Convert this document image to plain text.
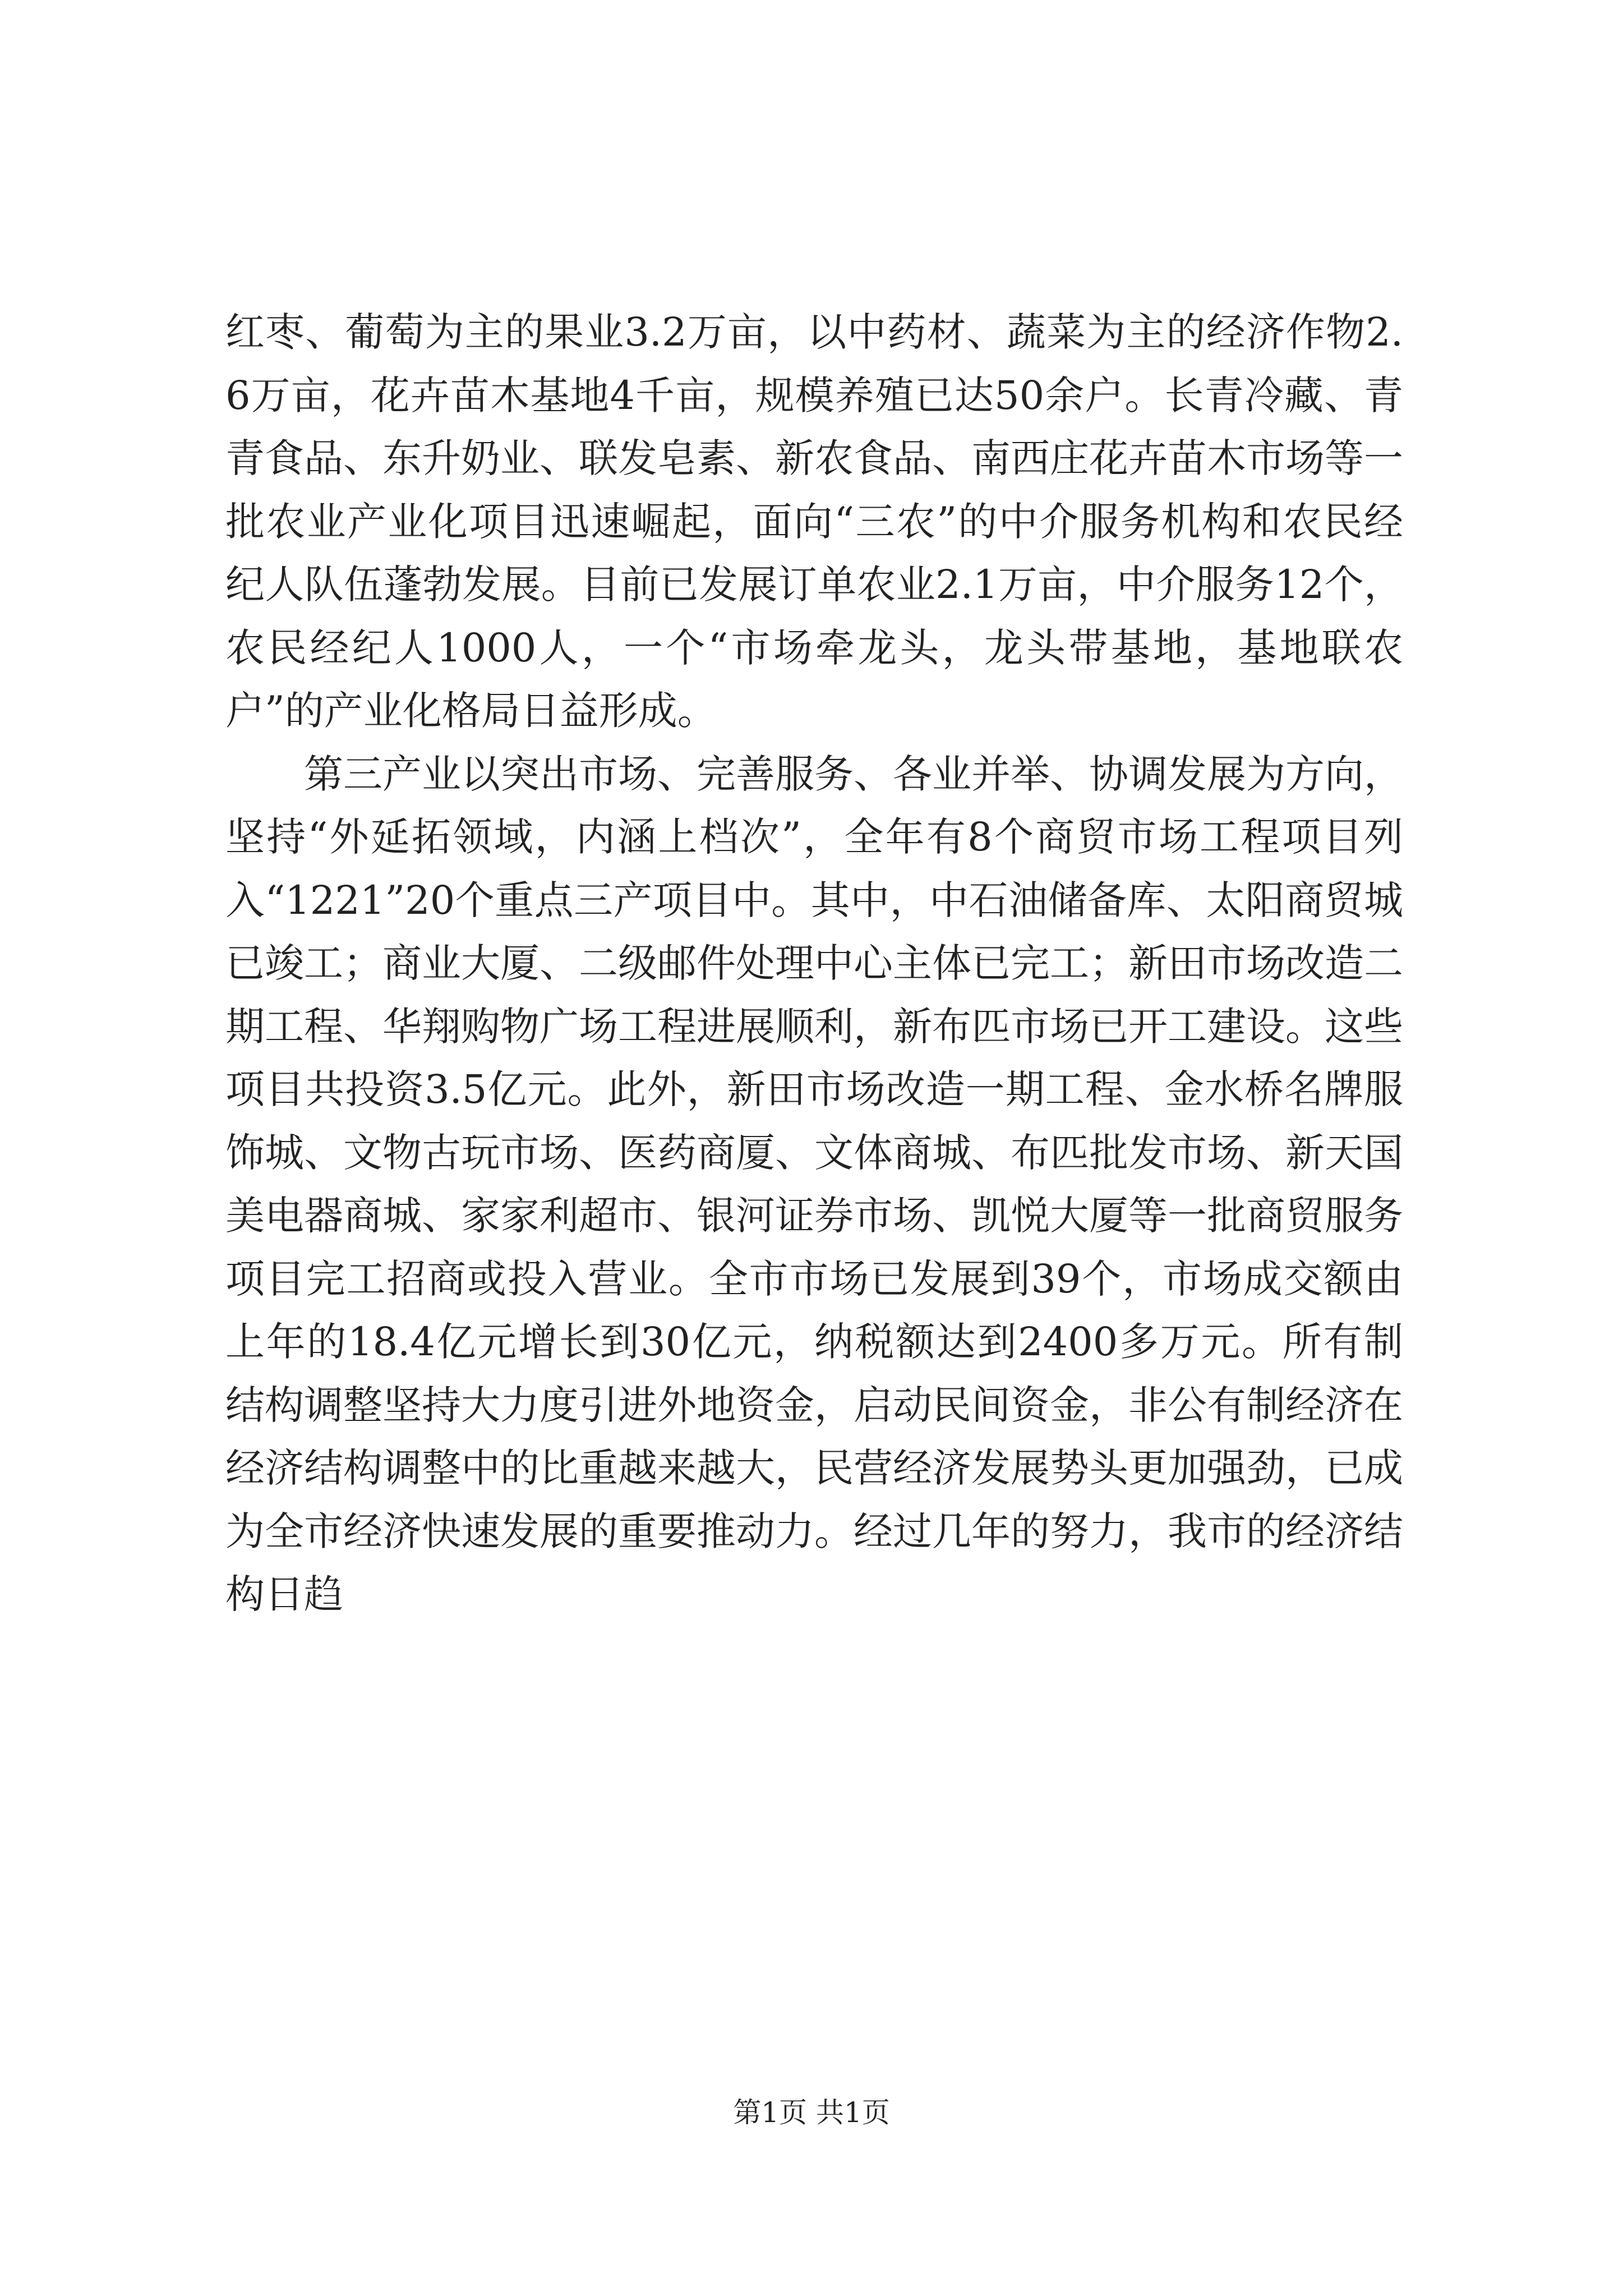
红枣、葡萄为主的果业3.2万亩，以中药材、蔬菜为主的经济作物2.6万亩，花卉苗木基地4千亩，规模养殖已达50余户。长青冷藏、青青食品、东升奶业、联发皂素、新农食品、南西庄花卉苗木市场等一批农业产业化项目迅速崛起，面向“三农”的中介服务机构和农民经纪人队伍蓬勃发展。目前已发展订单农业2.1万亩，中介服务12个，农民经纪人1000人，一个“市场牵龙头，龙头带基地，基地联农户”的产业化格局日益形成。

第三产业以突出市场、完善服务、各业并举、协调发展为方向，坚持“外延拓领域，内涵上档次”，全年有8个商贸市场工程项目列入“1221”20个重点三产项目中。其中，中石油储备库、太阳商贸城已竣工；商业大厦、二级邮件处理中心主体已完工；新田市场改造二期工程、华翔购物广场工程进展顺利，新布匹市场已开工建设。这些项目共投资3.5亿元。此外，新田市场改造一期工程、金水桥名牌服饰城、文物古玩市场、医药商厦、文体商城、布匹批发市场、新天国美电器商城、家家利超市、银河证券市场、凯悦大厦等一批商贸服务项目完工招商或投入营业。全市市场已发展到39个，市场成交额由上年的18.4亿元增长到30亿元，纳税额达到2400多万元。所有制结构调整坚持大力度引进外地资金，启动民间资金，非公有制经济在经济结构调整中的比重越来越大，民营经济发展势头更加强劲，已成为全市经济快速发展的重要推动力。经过几年的努力，我市的经济结构日趋

第1页 共1页
